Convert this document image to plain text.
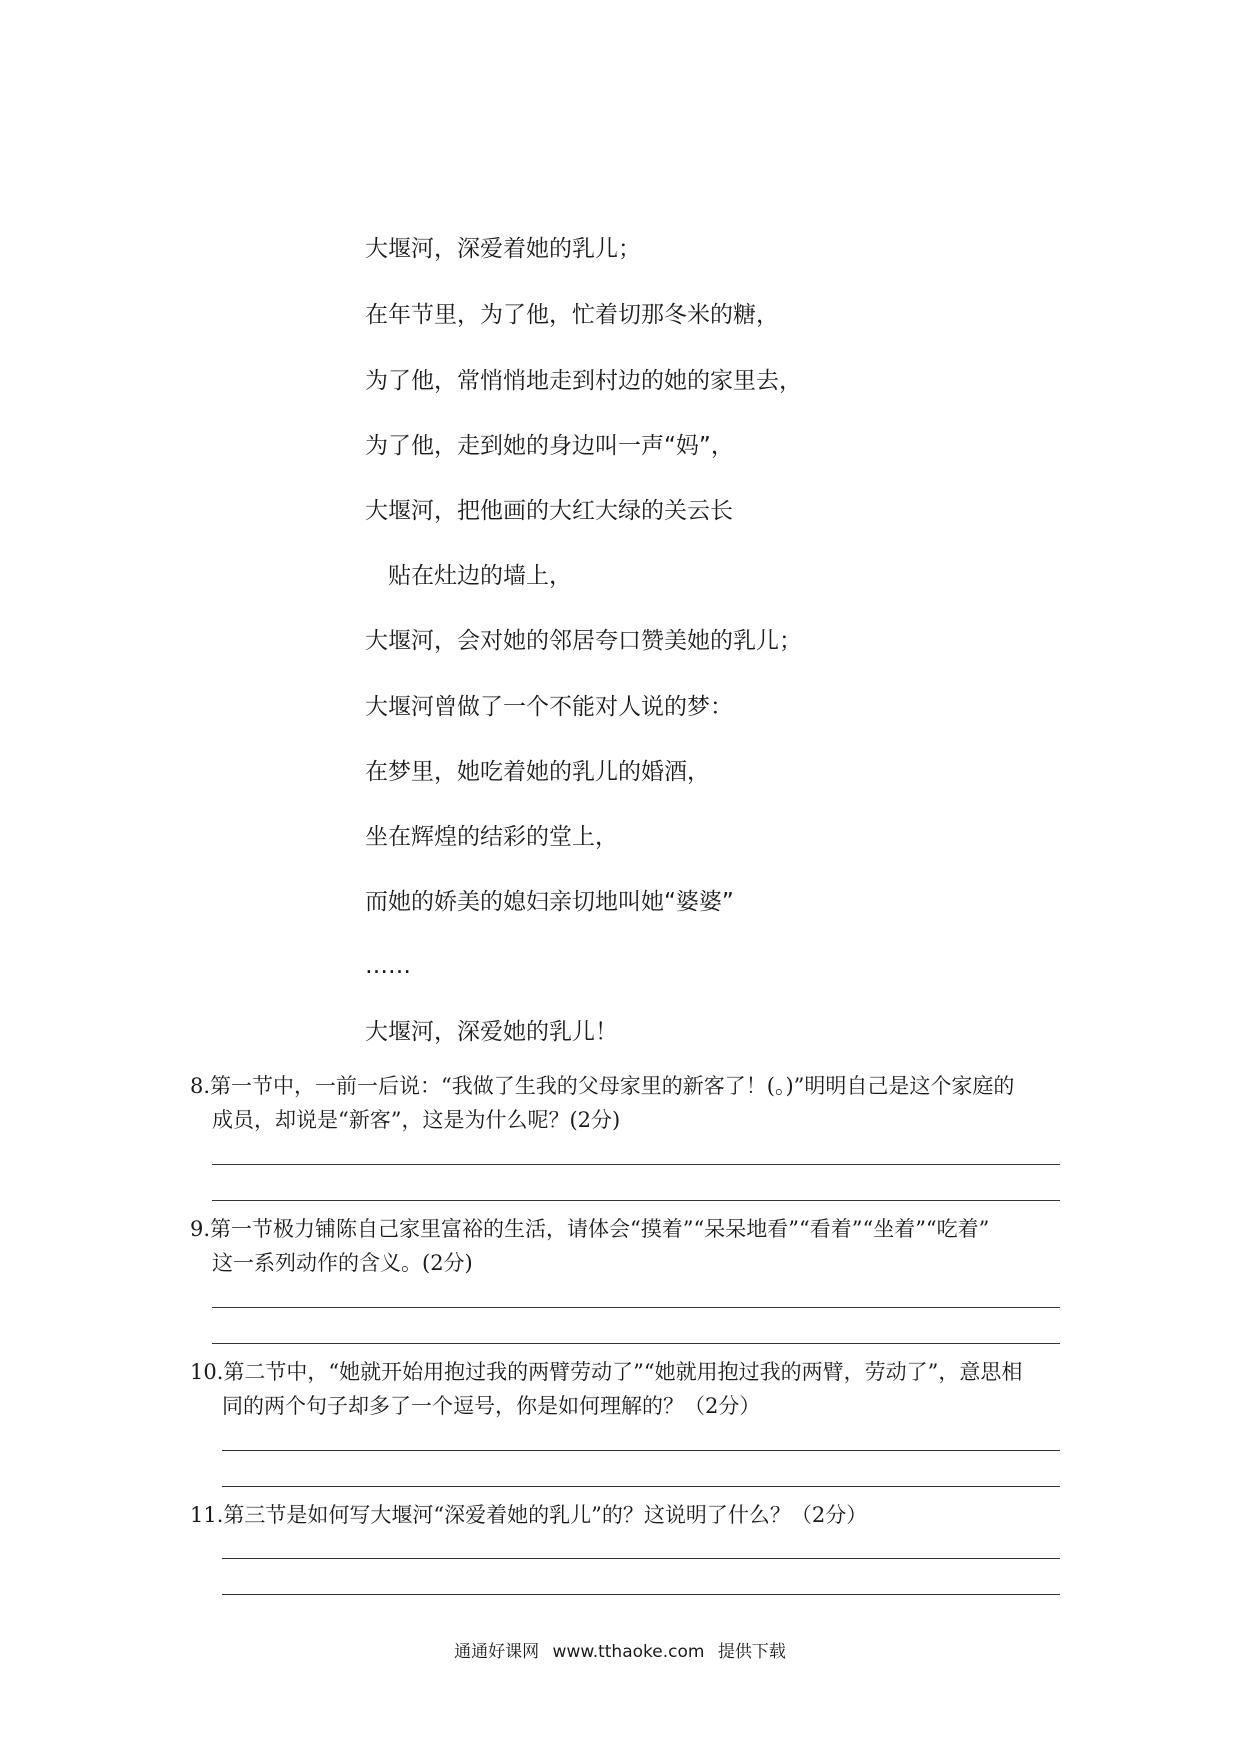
大堰河，深爱着她的乳儿；
在年节里，为了他，忙着切那冬米的糖，
为了他，常悄悄地走到村边的她的家里去，
为了他，走到她的身边叫一声“妈”，
大堰河，把他画的大红大绿的关云长
贴在灶边的墙上，
大堰河，会对她的邻居夸口赞美她的乳儿；
大堰河曾做了一个不能对人说的梦：
在梦里，她吃着她的乳儿的婚酒，
坐在辉煌的结彩的堂上，
而她的娇美的媳妇亲切地叫她“婆婆”
……
大堰河，深爱她的乳儿！
8.第一节中，一前一后说：“我做了生我的父母家里的新客了！(。)”明明自己是这个家庭的
成员，却说是“新客”，这是为什么呢？(2分)
9.第一节极力铺陈自己家里富裕的生活，请体会“摸着”“呆呆地看”“看着”“坐着”“吃着”
这一系列动作的含义。(2分)
10.第二节中，“她就开始用抱过我的两臂劳动了”“她就用抱过我的两臂，劳动了”，意思相
同的两个句子却多了一个逗号，你是如何理解的？（2分）
11.第三节是如何写大堰河“深爱着她的乳儿”的？这说明了什么？（2分）
通通好课网 www.tthaoke.com 提供下载
